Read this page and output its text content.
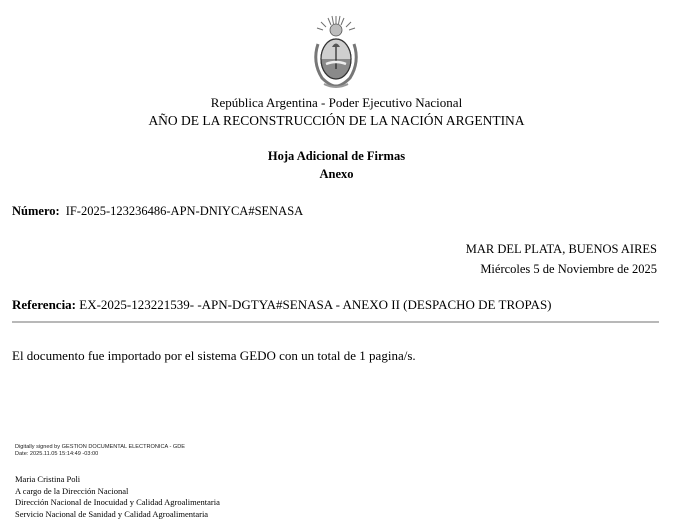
República Argentina - Poder Ejecutivo Nacional
AÑO DE LA RECONSTRUCCIÓN DE LA NACIÓN ARGENTINA
Hoja Adicional de Firmas
Anexo
Número: IF-2025-123236486-APN-DNIYCA#SENASA
MAR DEL PLATA, BUENOS AIRES
Miércoles 5 de Noviembre de 2025
Referencia: EX-2025-123221539- -APN-DGTYA#SENASA - ANEXO II (DESPACHO DE TROPAS)
El documento fue importado por el sistema GEDO con un total de 1 pagina/s.
Digitally signed by GESTION DOCUMENTAL ELECTRONICA - GDE
Date: 2025.11.05 15:14:49 -03:00
Maria Cristina Poli
A cargo de la Dirección Nacional
Dirección Nacional de Inocuidad y Calidad Agroalimentaria
Servicio Nacional de Sanidad y Calidad Agroalimentaria
